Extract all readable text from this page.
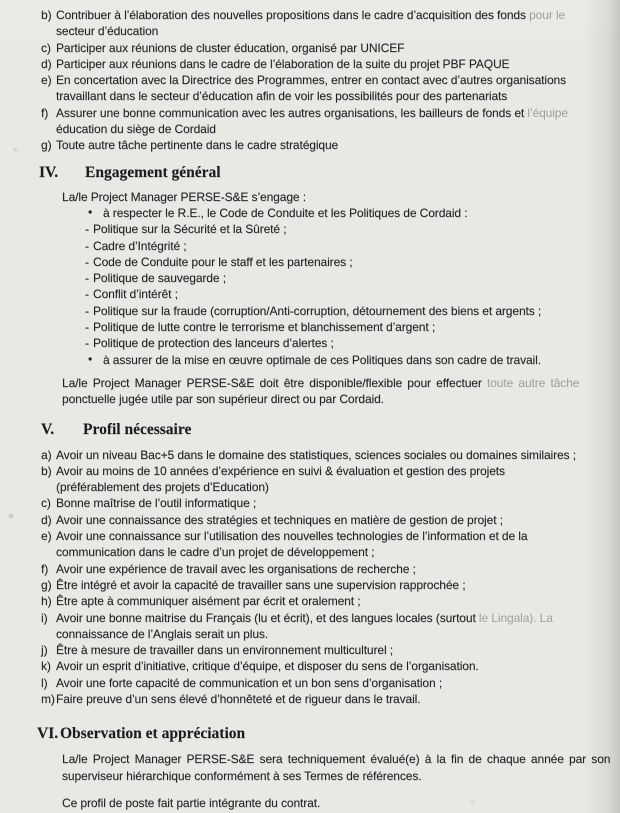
b) Contribuer à l’élaboration des nouvelles propositions dans le cadre d’acquisition des fonds pour le
secteur d’éducation
c) Participer aux réunions de cluster éducation, organisé par UNICEF
d) Participer aux réunions dans le cadre de l’élaboration de la suite du projet PBF PAQUE
e) En concertation avec la Directrice des Programmes, entrer en contact avec d’autres organisations
travaillant dans le secteur d’éducation afin de voir les possibilités pour des partenariats
f) Assurer une bonne communication avec les autres organisations, les bailleurs de fonds et l’équipe
éducation du siège de Cordaid
g) Toute autre tâche pertinente dans le cadre stratégique
IV. Engagement général
La/le Project Manager PERSE-S&E s’engage :
• à respecter le R.E., le Code de Conduite et les Politiques de Cordaid :
- Politique sur la Sécurité et la Sûreté ;
- Cadre d’Intégrité ;
- Code de Conduite pour le staff et les partenaires ;
- Politique de sauvegarde ;
- Conflit d’intérêt ;
- Politique sur la fraude (corruption/Anti-corruption, détournement des biens et argents ;
- Politique de lutte contre le terrorisme et blanchissement d’argent ;
- Politique de protection des lanceurs d’alertes ;
• à assurer de la mise en œuvre optimale de ces Politiques dans son cadre de travail.
La/le Project Manager PERSE-S&E doit être disponible/flexible pour effectuer toute autre tâche
ponctuelle jugée utile par son supérieur direct ou par Cordaid.
V. Profil nécessaire
a) Avoir un niveau Bac+5 dans le domaine des statistiques, sciences sociales ou domaines similaires ;
b) Avoir au moins de 10 années d’expérience en suivi & évaluation et gestion des projets
(préférablement des projets d’Education)
c) Bonne maîtrise de l’outil informatique ;
d) Avoir une connaissance des stratégies et techniques en matière de gestion de projet ;
e) Avoir une connaissance sur l’utilisation des nouvelles technologies de l’information et de la
communication dans le cadre d’un projet de développement ;
f) Avoir une expérience de travail avec les organisations de recherche ;
g) Être intégré et avoir la capacité de travailler sans une supervision rapprochée ;
h) Être apte à communiquer aisément par écrit et oralement ;
i) Avoir une bonne maitrise du Français (lu et écrit), et des langues locales (surtout le Lingala). La
connaissance de l’Anglais serait un plus.
j) Être à mesure de travailler dans un environnement multiculturel ;
k) Avoir un esprit d’initiative, critique d’équipe, et disposer du sens de l’organisation.
l) Avoir une forte capacité de communication et un bon sens d’organisation ;
m) Faire preuve d’un sens élevé d’honnêteté et de rigueur dans le travail.
VI. Observation et appréciation
La/le Project Manager PERSE-S&E sera techniquement évalué(e) à la fin de chaque année par son
superviseur hiérarchique conformément à ses Termes de références.
Ce profil de poste fait partie intégrante du contrat.
